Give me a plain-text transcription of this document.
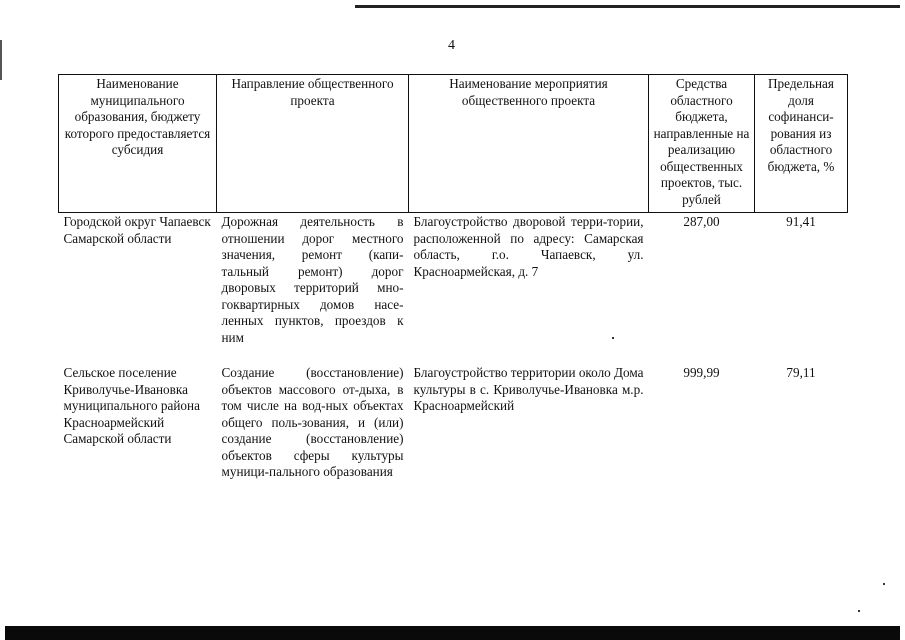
4
Наименование муниципального образования, бюджету которого предоставляется субсидия	Направление общественного проекта	Наименование мероприятия общественного проекта	Средства областного бюджета, направленные на реализацию общественных проектов, тыс. рублей	Предельная доля софинанси-рования из областного бюджета, %
Городской округ Чапаевск Самарской области	Дорожная деятельность в отношении дорог местного значения, ремонт (капи-тальный ремонт) дорог дворовых территорий мно-гоквартирных домов насе-ленных пунктов, проездов к ним	Благоустройство дворовой терри-тории, расположенной по адресу: Самарская область, г.о. Чапаевск, ул. Красноармейская, д. 7	287,00	91,41
Сельское поселение Криволучье-Ивановка муниципального района Красноармейский Самарской области	Создание (восстановление) объектов массового от-дыха, в том числе на вод-ных объектах общего поль-зования, и (или) создание (восстановление) объектов сферы культуры муници-пального образования	Благоустройство территории около Дома культуры в с. Криволучье-Ивановка м.р. Красноармейский	999,99	79,11
